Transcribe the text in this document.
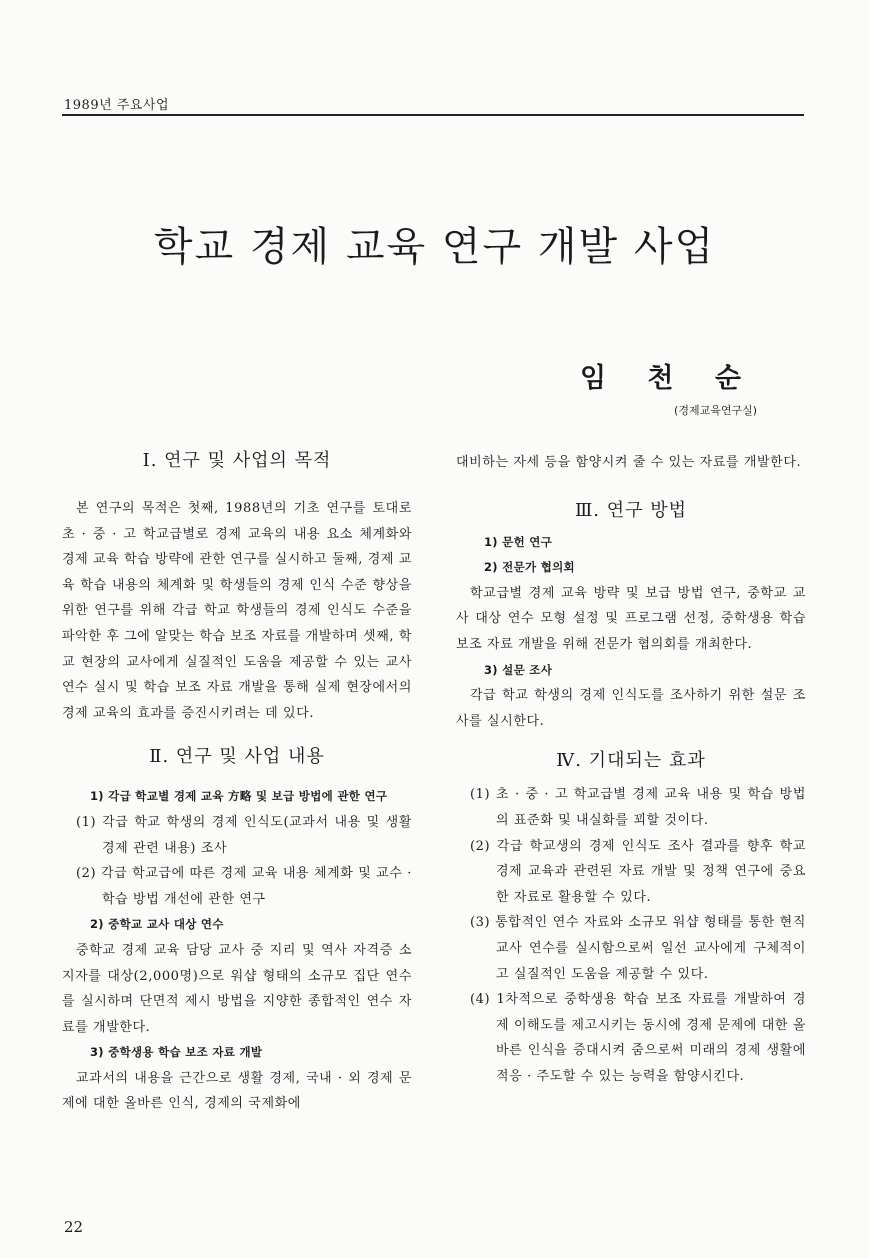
1989년 주요사업
학교 경제 교육 연구 개발 사업
임 천 순
(경제교육연구실)
Ⅰ. 연구 및 사업의 목적

본 연구의 목적은 첫째, 1988년의 기초 연구를 토대로 초 · 중 · 고 학교급별로 경제 교육의 내용 요소 체계화와 경제 교육 학습 방략에 관한 연구를 실시하고 둘째, 경제 교육 학습 내용의 체계화 및 학생들의 경제 인식 수준 향상을 위한 연구를 위해 각급 학교 학생들의 경제 인식도 수준을 파악한 후 그에 알맞는 학습 보조 자료를 개발하며 셋째, 학교 현장의 교사에게 실질적인 도움을 제공할 수 있는 교사 연수 실시 및 학습 보조 자료 개발을 통해 실제 현장에서의 경제 교육의 효과를 증진시키려는 데 있다.

Ⅱ. 연구 및 사업 내용

1) 각급 학교별 경제 교육 方略 및 보급 방법에 관한 연구

(1) 각급 학교 학생의 경제 인식도(교과서 내용 및 생활 경제 관련 내용) 조사

(2) 각급 학교급에 따른 경제 교육 내용 체계화 및 교수 · 학습 방법 개선에 관한 연구

2) 중학교 교사 대상 연수

중학교 경제 교육 담당 교사 중 지리 및 역사 자격증 소지자를 대상(2,000명)으로 워샵 형태의 소규모 집단 연수를 실시하며 단면적 제시 방법을 지양한 종합적인 연수 자료를 개발한다.

3) 중학생용 학습 보조 자료 개발

교과서의 내용을 근간으로 생활 경제, 국내 · 외 경제 문제에 대한 올바른 인식, 경제의 국제화에

대비하는 자세 등을 함양시켜 줄 수 있는 자료를 개발한다.

Ⅲ. 연구 방법

1) 문헌 연구

2) 전문가 협의회

학교급별 경제 교육 방략 및 보급 방법 연구, 중학교 교사 대상 연수 모형 설정 및 프로그램 선정, 중학생용 학습 보조 자료 개발을 위해 전문가 협의회를 개최한다.

3) 설문 조사

각급 학교 학생의 경제 인식도를 조사하기 위한 설문 조사를 실시한다.

Ⅳ. 기대되는 효과

(1) 초 · 중 · 고 학교급별 경제 교육 내용 및 학습 방법의 표준화 및 내실화를 꾀할 것이다.

(2) 각급 학교생의 경제 인식도 조사 결과를 향후 학교 경제 교육과 관련된 자료 개발 및 정책 연구에 중요한 자료로 활용할 수 있다.

(3) 통합적인 연수 자료와 소규모 워샵 형태를 통한 현직 교사 연수를 실시함으로써 일선 교사에게 구체적이고 실질적인 도움을 제공할 수 있다.

(4) 1차적으로 중학생용 학습 보조 자료를 개발하여 경제 이해도를 제고시키는 동시에 경제 문제에 대한 올바른 인식을 증대시켜 줌으로써 미래의 경제 생활에 적응 · 주도할 수 있는 능력을 함양시킨다.

22
